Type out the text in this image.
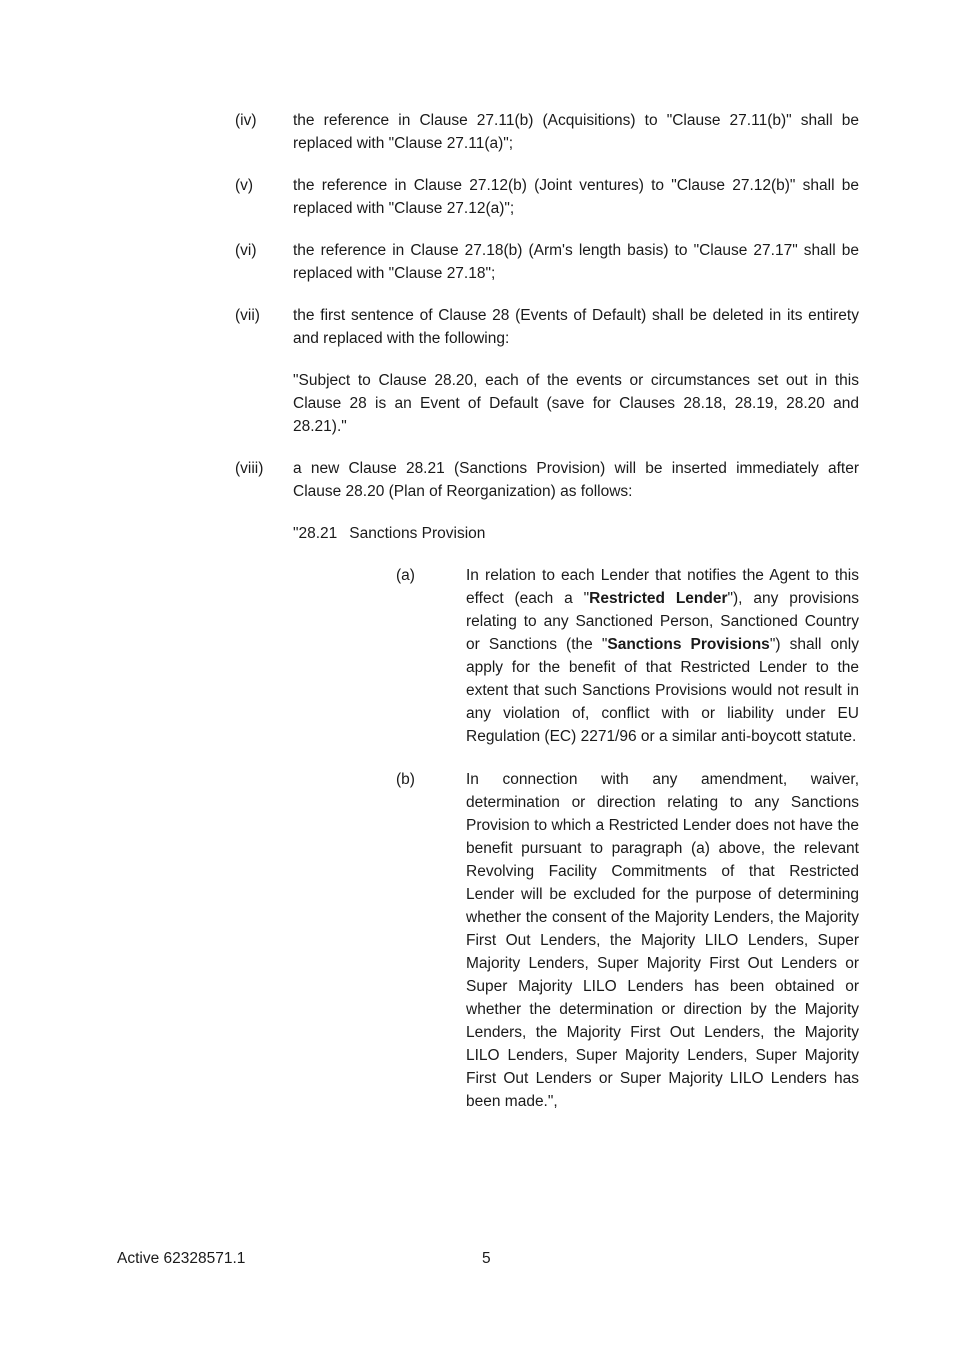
(iv)	the reference in Clause 27.11(b) (Acquisitions) to "Clause 27.11(b)" shall be replaced with "Clause 27.11(a)";
(v)	the reference in Clause 27.12(b) (Joint ventures) to "Clause 27.12(b)" shall be replaced with "Clause 27.12(a)";
(vi)	the reference in Clause 27.18(b) (Arm's length basis) to "Clause 27.17" shall be replaced with "Clause 27.18";
(vii)	the first sentence of Clause 28 (Events of Default) shall be deleted in its entirety and replaced with the following:
"Subject to Clause 28.20, each of the events or circumstances set out in this Clause 28 is an Event of Default (save for Clauses 28.18, 28.19, 28.20 and 28.21)."
(viii)	a new Clause 28.21 (Sanctions Provision) will be inserted immediately after Clause 28.20 (Plan of Reorganization) as follows:
"28.21 Sanctions Provision
(a)	In relation to each Lender that notifies the Agent to this effect (each a "Restricted Lender"), any provisions relating to any Sanctioned Person, Sanctioned Country or Sanctions (the "Sanctions Provisions") shall only apply for the benefit of that Restricted Lender to the extent that such Sanctions Provisions would not result in any violation of, conflict with or liability under EU Regulation (EC) 2271/96 or a similar anti-boycott statute.
(b)	In connection with any amendment, waiver, determination or direction relating to any Sanctions Provision to which a Restricted Lender does not have the benefit pursuant to paragraph (a) above, the relevant Revolving Facility Commitments of that Restricted Lender will be excluded for the purpose of determining whether the consent of the Majority Lenders, the Majority First Out Lenders, the Majority LILO Lenders, Super Majority Lenders, Super Majority First Out Lenders or Super Majority LILO Lenders has been obtained or whether the determination or direction by the Majority Lenders, the Majority First Out Lenders, the Majority LILO Lenders, Super Majority Lenders, Super Majority First Out Lenders or Super Majority LILO Lenders has been made.",
Active 62328571.1	5
